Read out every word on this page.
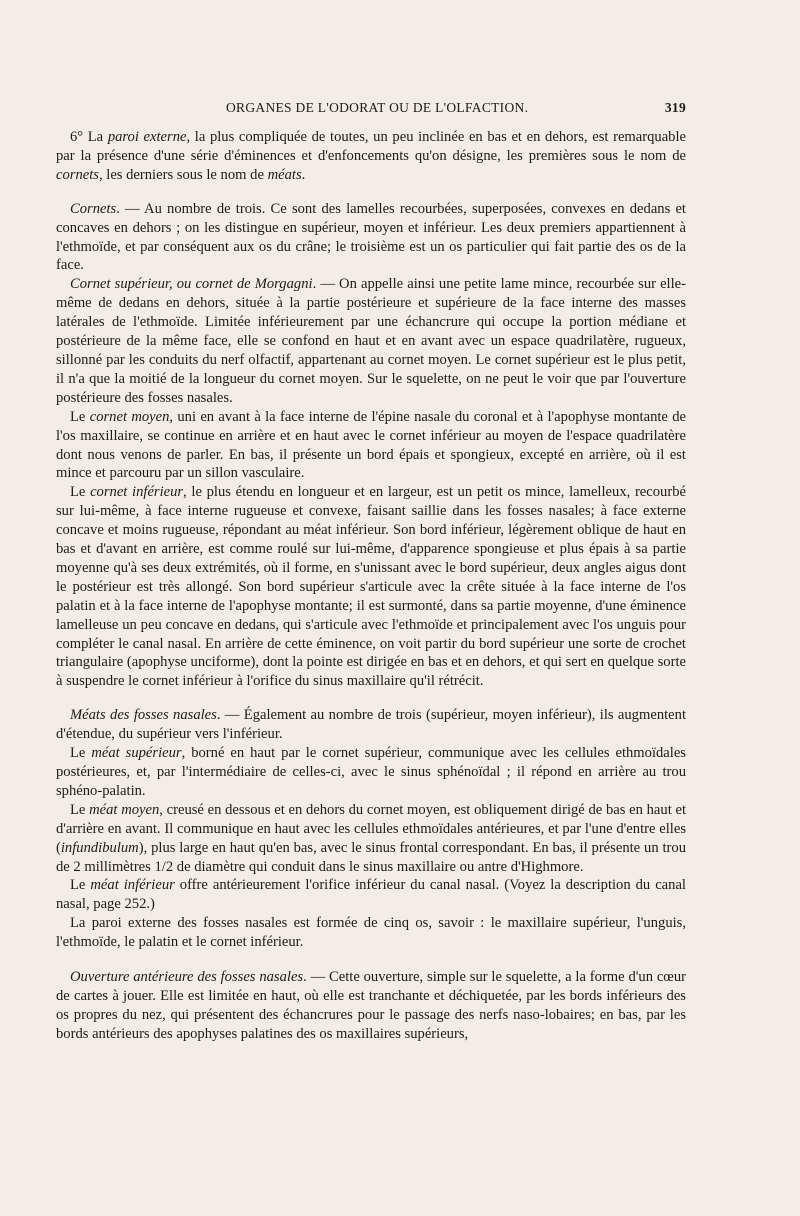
ORGANES DE L'ODORAT OU DE L'OLFACTION.	319

6° La paroi externe, la plus compliquée de toutes, un peu inclinée en bas et en dehors, est remarquable par la présence d'une série d'éminences et d'enfoncements qu'on désigne, les premières sous le nom de cornets, les derniers sous le nom de méats.

Cornets. — Au nombre de trois. Ce sont des lamelles recourbées, superposées, convexes en dedans et concaves en dehors ; on les distingue en supérieur, moyen et inférieur. Les deux premiers appartiennent à l'ethmoïde, et par conséquent aux os du crâne; le troisième est un os particulier qui fait partie des os de la face.

Cornet supérieur, ou cornet de Morgagni. — On appelle ainsi une petite lame mince, recourbée sur elle-même de dedans en dehors, située à la partie postérieure et supérieure de la face interne des masses latérales de l'ethmoïde. Limitée inférieurement par une échancrure qui occupe la portion médiane et postérieure de la même face, elle se confond en haut et en avant avec un espace quadrilatère, rugueux, sillonné par les conduits du nerf olfactif, appartenant au cornet moyen. Le cornet supérieur est le plus petit, il n'a que la moitié de la longueur du cornet moyen. Sur le squelette, on ne peut le voir que par l'ouverture postérieure des fosses nasales.

Le cornet moyen, uni en avant à la face interne de l'épine nasale du coronal et à l'apophyse montante de l'os maxillaire, se continue en arrière et en haut avec le cornet inférieur au moyen de l'espace quadrilatère dont nous venons de parler. En bas, il présente un bord épais et spongieux, excepté en arrière, où il est mince et parcouru par un sillon vasculaire.

Le cornet inférieur, le plus étendu en longueur et en largeur, est un petit os mince, lamelleux, recourbé sur lui-même, à face interne rugueuse et convexe, faisant saillie dans les fosses nasales; à face externe concave et moins rugueuse, répondant au méat inférieur. Son bord inférieur, légèrement oblique de haut en bas et d'avant en arrière, est comme roulé sur lui-même, d'apparence spongieuse et plus épais à sa partie moyenne qu'à ses deux extrémités, où il forme, en s'unissant avec le bord supérieur, deux angles aigus dont le postérieur est très allongé. Son bord supérieur s'articule avec la crête située à la face interne de l'os palatin et à la face interne de l'apophyse montante; il est surmonté, dans sa partie moyenne, d'une éminence lamelleuse un peu concave en dedans, qui s'articule avec l'ethmoïde et principalement avec l'os unguis pour compléter le canal nasal. En arrière de cette éminence, on voit partir du bord supérieur une sorte de crochet triangulaire (apophyse unciforme), dont la pointe est dirigée en bas et en dehors, et qui sert en quelque sorte à suspendre le cornet inférieur à l'orifice du sinus maxillaire qu'il rétrécit.

Méats des fosses nasales. — Également au nombre de trois (supérieur, moyen inférieur), ils augmentent d'étendue, du supérieur vers l'inférieur.

Le méat supérieur, borné en haut par le cornet supérieur, communique avec les cellules ethmoïdales postérieures, et, par l'intermédiaire de celles-ci, avec le sinus sphénoïdal ; il répond en arrière au trou sphéno-palatin.

Le méat moyen, creusé en dessous et en dehors du cornet moyen, est obliquement dirigé de bas en haut et d'arrière en avant. Il communique en haut avec les cellules ethmoïdales antérieures, et par l'une d'entre elles (infundibulum), plus large en haut qu'en bas, avec le sinus frontal correspondant. En bas, il présente un trou de 2 millimètres 1/2 de diamètre qui conduit dans le sinus maxillaire ou antre d'Highmore.

Le méat inférieur offre antérieurement l'orifice inférieur du canal nasal. (Voyez la description du canal nasal, page 252.)

La paroi externe des fosses nasales est formée de cinq os, savoir : le maxillaire supérieur, l'unguis, l'ethmoïde, le palatin et le cornet inférieur.

Ouverture antérieure des fosses nasales. — Cette ouverture, simple sur le squelette, a la forme d'un cœur de cartes à jouer. Elle est limitée en haut, où elle est tranchante et déchiquetée, par les bords inférieurs des os propres du nez, qui présentent des échancrures pour le passage des nerfs naso-lobaires; en bas, par les bords antérieurs des apophyses palatines des os maxillaires supérieurs,
